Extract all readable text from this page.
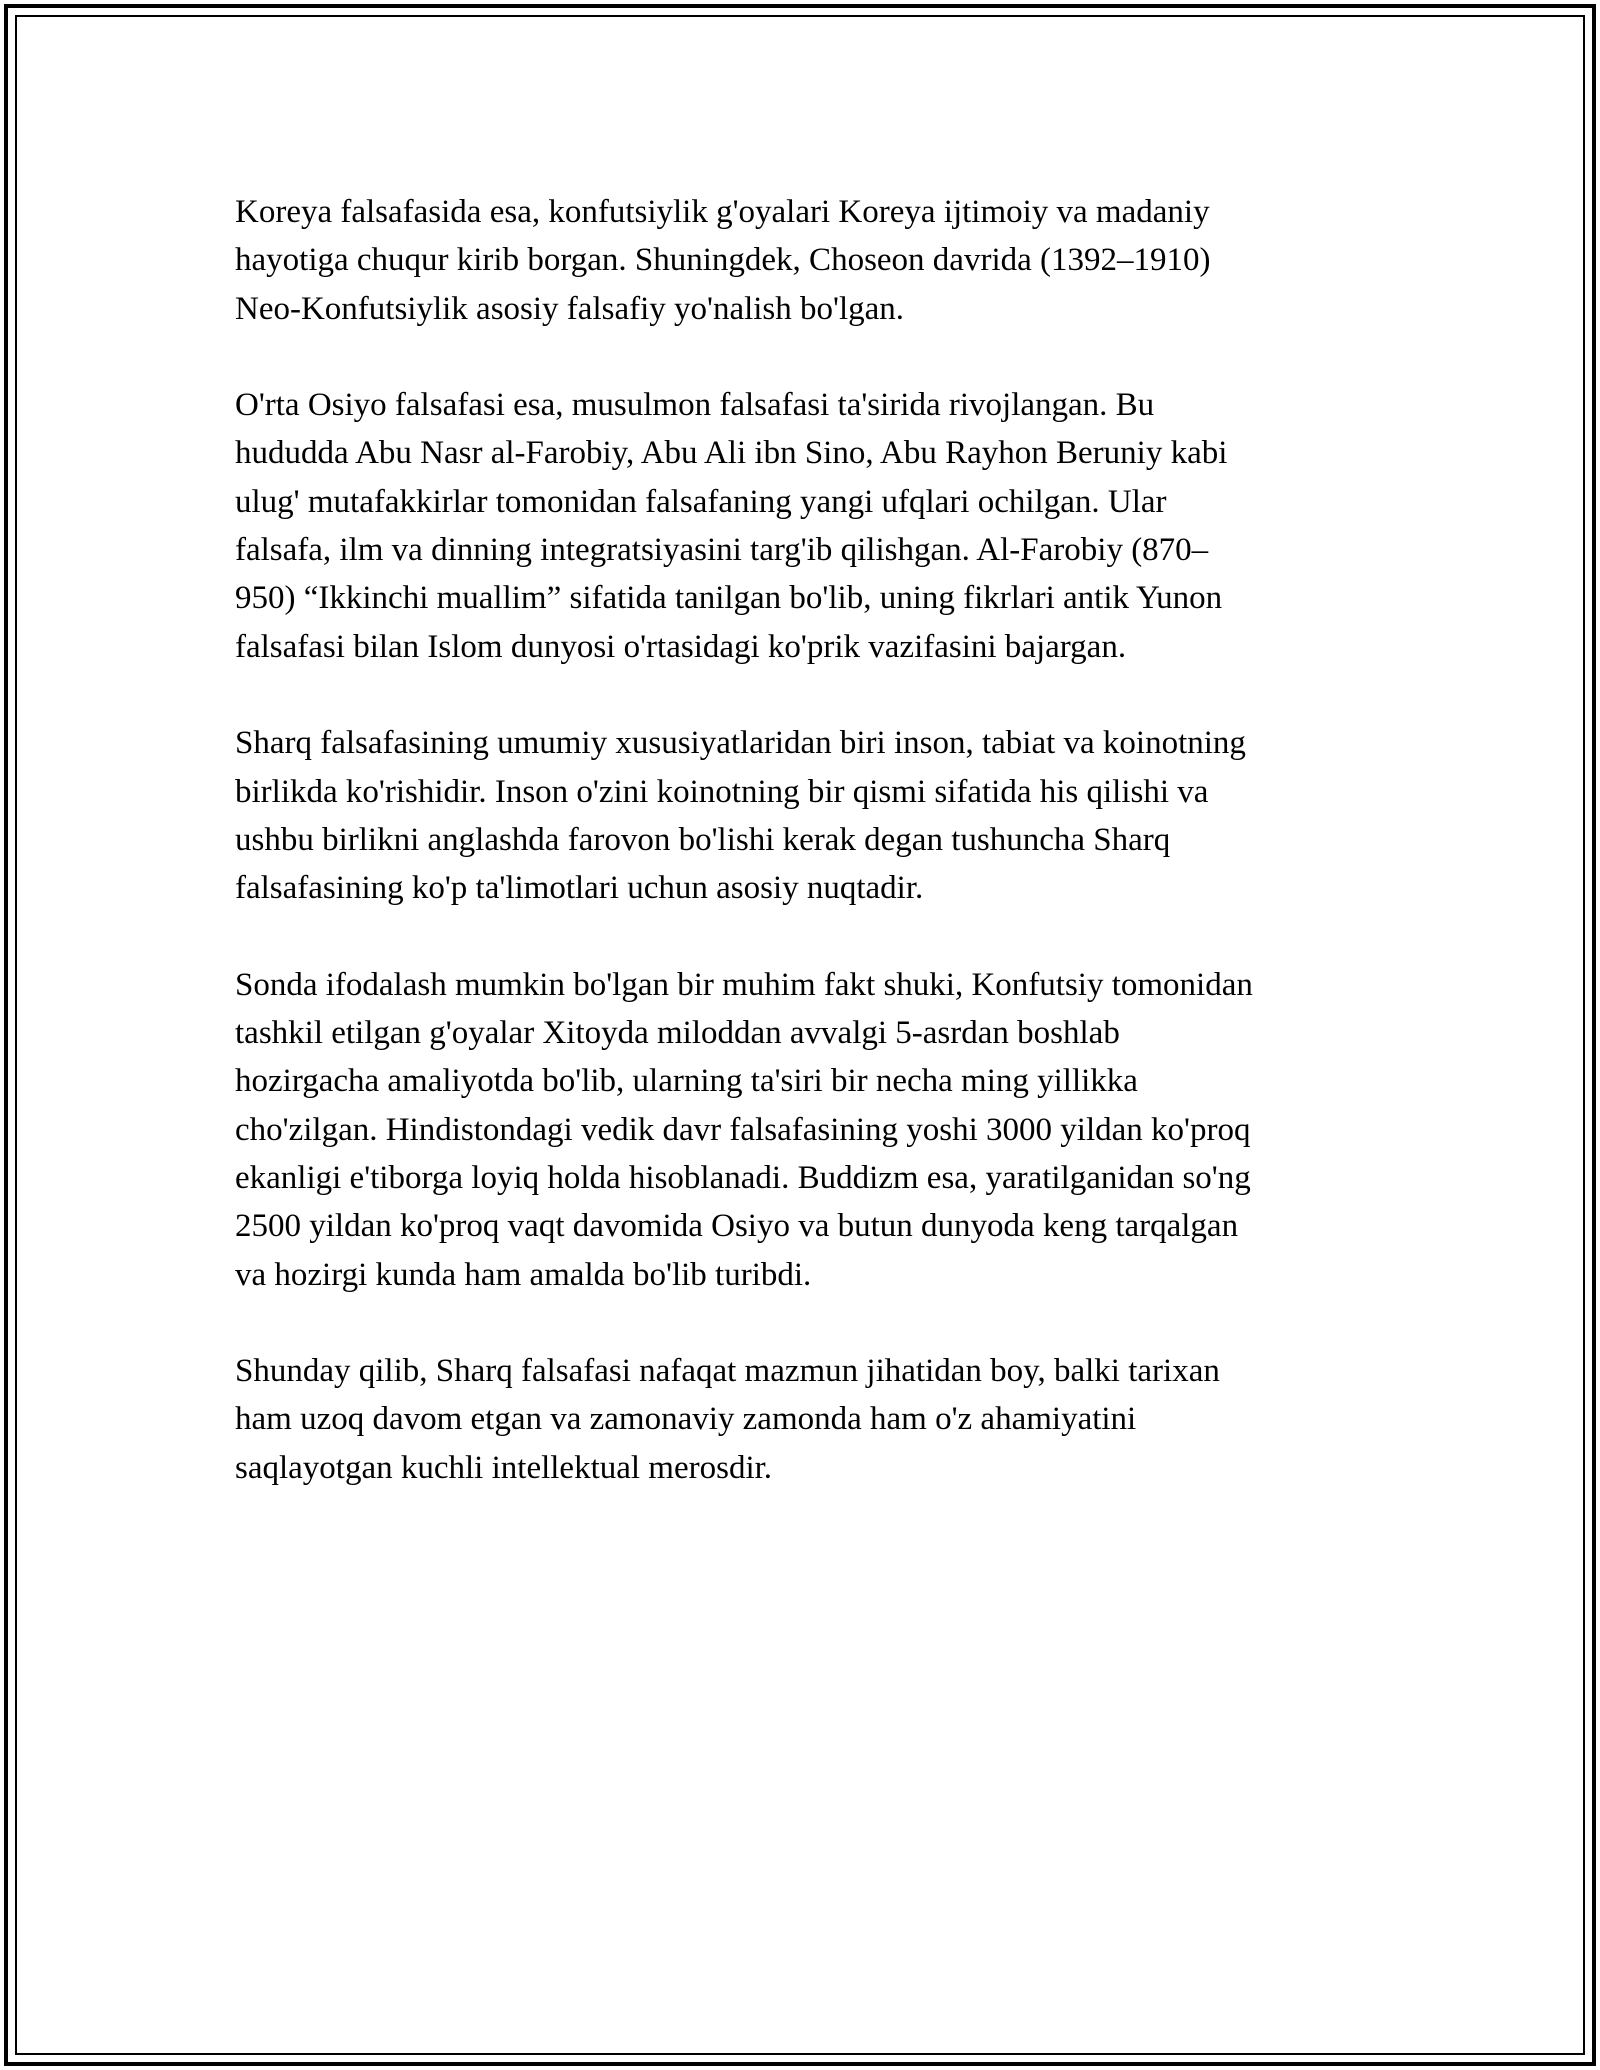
Koreya falsafasida esa, konfutsiylik g'oyalari Koreya ijtimoiy va madaniy
hayotiga chuqur kirib borgan. Shuningdek, Choseon davrida (1392–1910)
Neo-Konfutsiylik asosiy falsafiy yo'nalish bo'lgan.

O'rta Osiyo falsafasi esa, musulmon falsafasi ta'sirida rivojlangan. Bu
hududda Abu Nasr al-Farobiy, Abu Ali ibn Sino, Abu Rayhon Beruniy kabi
ulug' mutafakkirlar tomonidan falsafaning yangi ufqlari ochilgan. Ular
falsafa, ilm va dinning integratsiyasini targ'ib qilishgan. Al-Farobiy (870–
950) “Ikkinchi muallim” sifatida tanilgan bo'lib, uning fikrlari antik Yunon
falsafasi bilan Islom dunyosi o'rtasidagi ko'prik vazifasini bajargan.

Sharq falsafasining umumiy xususiyatlaridan biri inson, tabiat va koinotning
birlikda ko'rishidir. Inson o'zini koinotning bir qismi sifatida his qilishi va
ushbu birlikni anglashda farovon bo'lishi kerak degan tushuncha Sharq
falsafasining ko'p ta'limotlari uchun asosiy nuqtadir.

Sonda ifodalash mumkin bo'lgan bir muhim fakt shuki, Konfutsiy tomonidan
tashkil etilgan g'oyalar Xitoyda miloddan avvalgi 5-asrdan boshlab
hozirgacha amaliyotda bo'lib, ularning ta'siri bir necha ming yillikka
cho'zilgan. Hindistondagi vedik davr falsafasining yoshi 3000 yildan ko'proq
ekanligi e'tiborga loyiq holda hisoblanadi. Buddizm esa, yaratilganidan so'ng
2500 yildan ko'proq vaqt davomida Osiyo va butun dunyoda keng tarqalgan
va hozirgi kunda ham amalda bo'lib turibdi.

Shunday qilib, Sharq falsafasi nafaqat mazmun jihatidan boy, balki tarixan
ham uzoq davom etgan va zamonaviy zamonda ham o'z ahamiyatini
saqlayotgan kuchli intellektual merosdir.
